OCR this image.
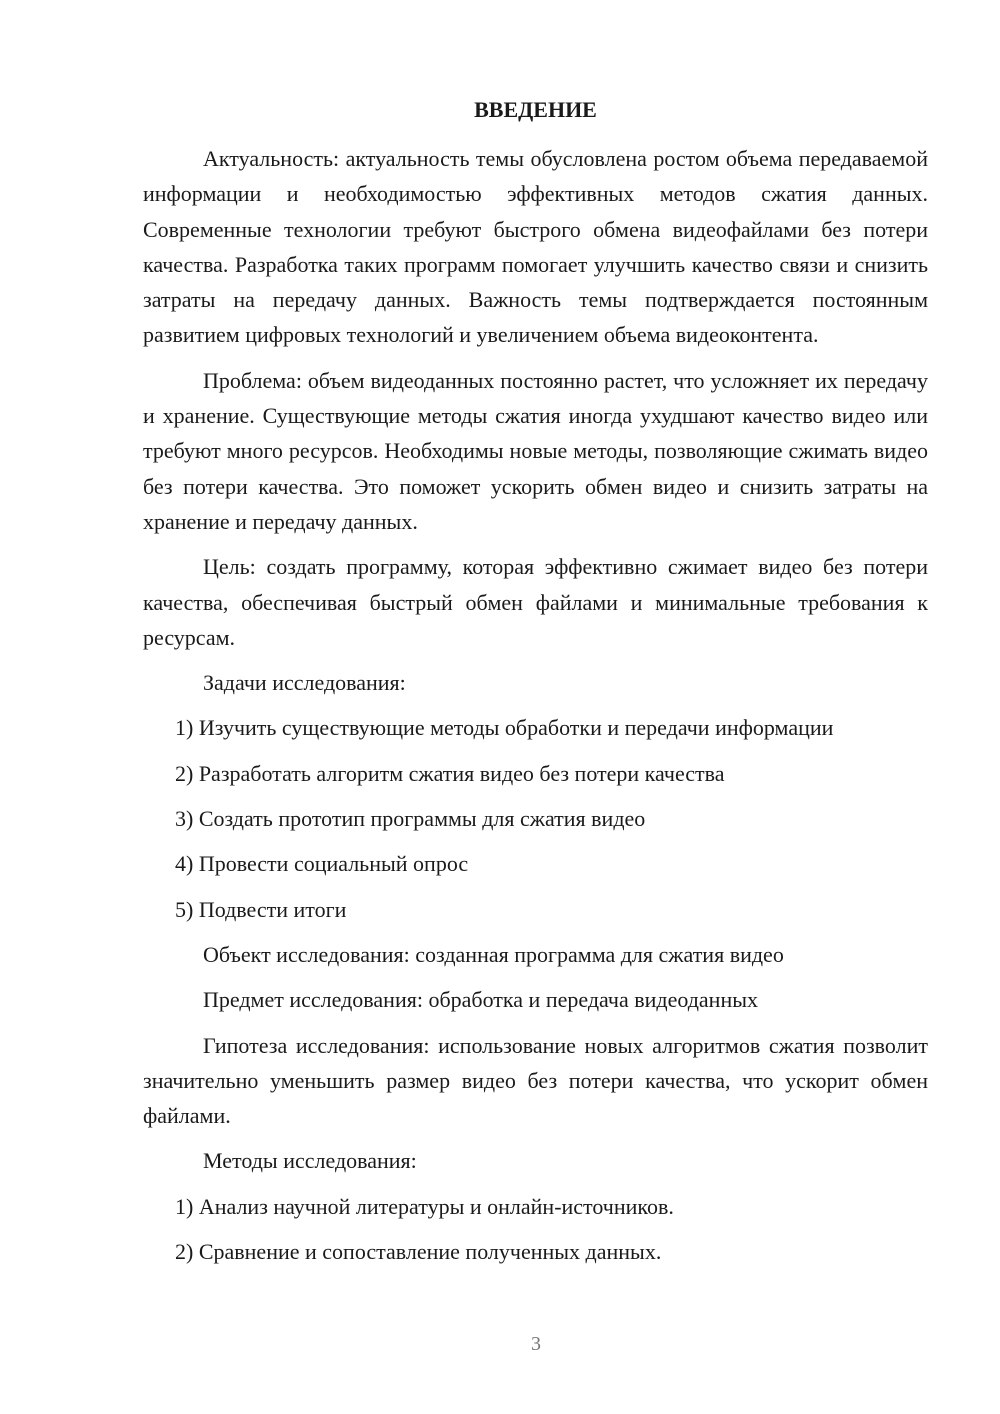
ВВЕДЕНИЕ

Актуальность: актуальность темы обусловлена ростом объема передаваемой информации и необходимостью эффективных методов сжатия данных. Современные технологии требуют быстрого обмена видеофайлами без потери качества. Разработка таких программ помогает улучшить качество связи и снизить затраты на передачу данных. Важность темы подтверждается постоянным развитием цифровых технологий и увеличением объема видеоконтента.

Проблема: объем видеоданных постоянно растет, что усложняет их передачу и хранение. Существующие методы сжатия иногда ухудшают качество видео или требуют много ресурсов. Необходимы новые методы, позволяющие сжимать видео без потери качества. Это поможет ускорить обмен видео и снизить затраты на хранение и передачу данных.

Цель: создать программу, которая эффективно сжимает видео без потери качества, обеспечивая быстрый обмен файлами и минимальные требования к ресурсам.

Задачи исследования:

1) Изучить существующие методы обработки и передачи информации
2) Разработать алгоритм сжатия видео без потери качества
3) Создать прототип программы для сжатия видео
4) Провести социальный опрос
5) Подвести итоги

Объект исследования: созданная программа для сжатия видео

Предмет исследования: обработка и передача видеоданных

Гипотеза исследования: использование новых алгоритмов сжатия позволит значительно уменьшить размер видео без потери качества, что ускорит обмен файлами.

Методы исследования:

1) Анализ научной литературы и онлайн-источников.
2) Сравнение и сопоставление полученных данных.
3
